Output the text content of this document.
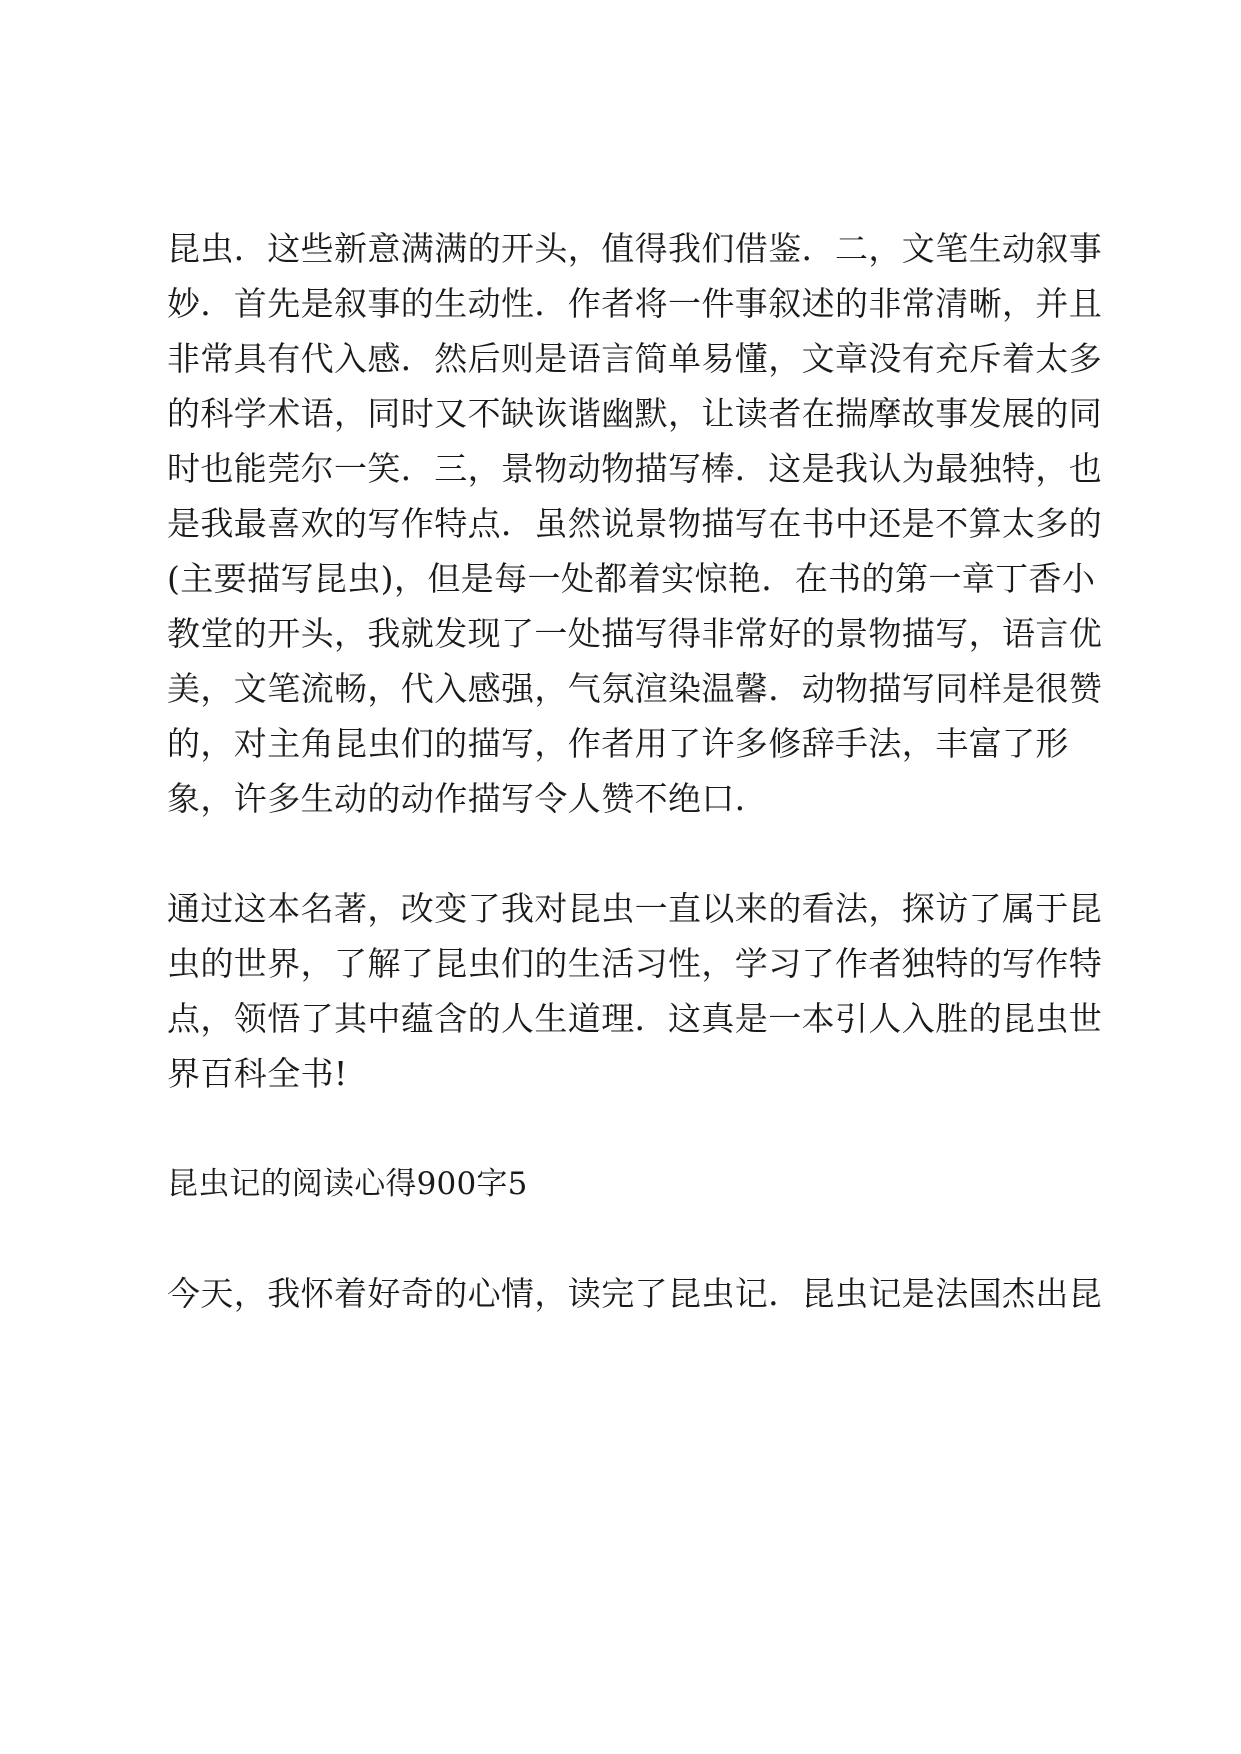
昆虫．这些新意满满的开头，值得我们借鉴．二，文笔生动叙事
妙．首先是叙事的生动性．作者将一件事叙述的非常清晰，并且
非常具有代入感．然后则是语言简单易懂，文章没有充斥着太多
的科学术语，同时又不缺诙谐幽默，让读者在揣摩故事发展的同
时也能莞尔一笑．三，景物动物描写棒．这是我认为最独特，也
是我最喜欢的写作特点．虽然说景物描写在书中还是不算太多的
(主要描写昆虫)，但是每一处都着实惊艳．在书的第一章丁香小
教堂的开头，我就发现了一处描写得非常好的景物描写，语言优
美，文笔流畅，代入感强，气氛渲染温馨．动物描写同样是很赞
的，对主角昆虫们的描写，作者用了许多修辞手法，丰富了形
象，许多生动的动作描写令人赞不绝口．
通过这本名著，改变了我对昆虫一直以来的看法，探访了属于昆
虫的世界，了解了昆虫们的生活习性，学习了作者独特的写作特
点，领悟了其中蕴含的人生道理．这真是一本引人入胜的昆虫世
界百科全书!
昆虫记的阅读心得900字5
今天，我怀着好奇的心情，读完了昆虫记．昆虫记是法国杰出昆
